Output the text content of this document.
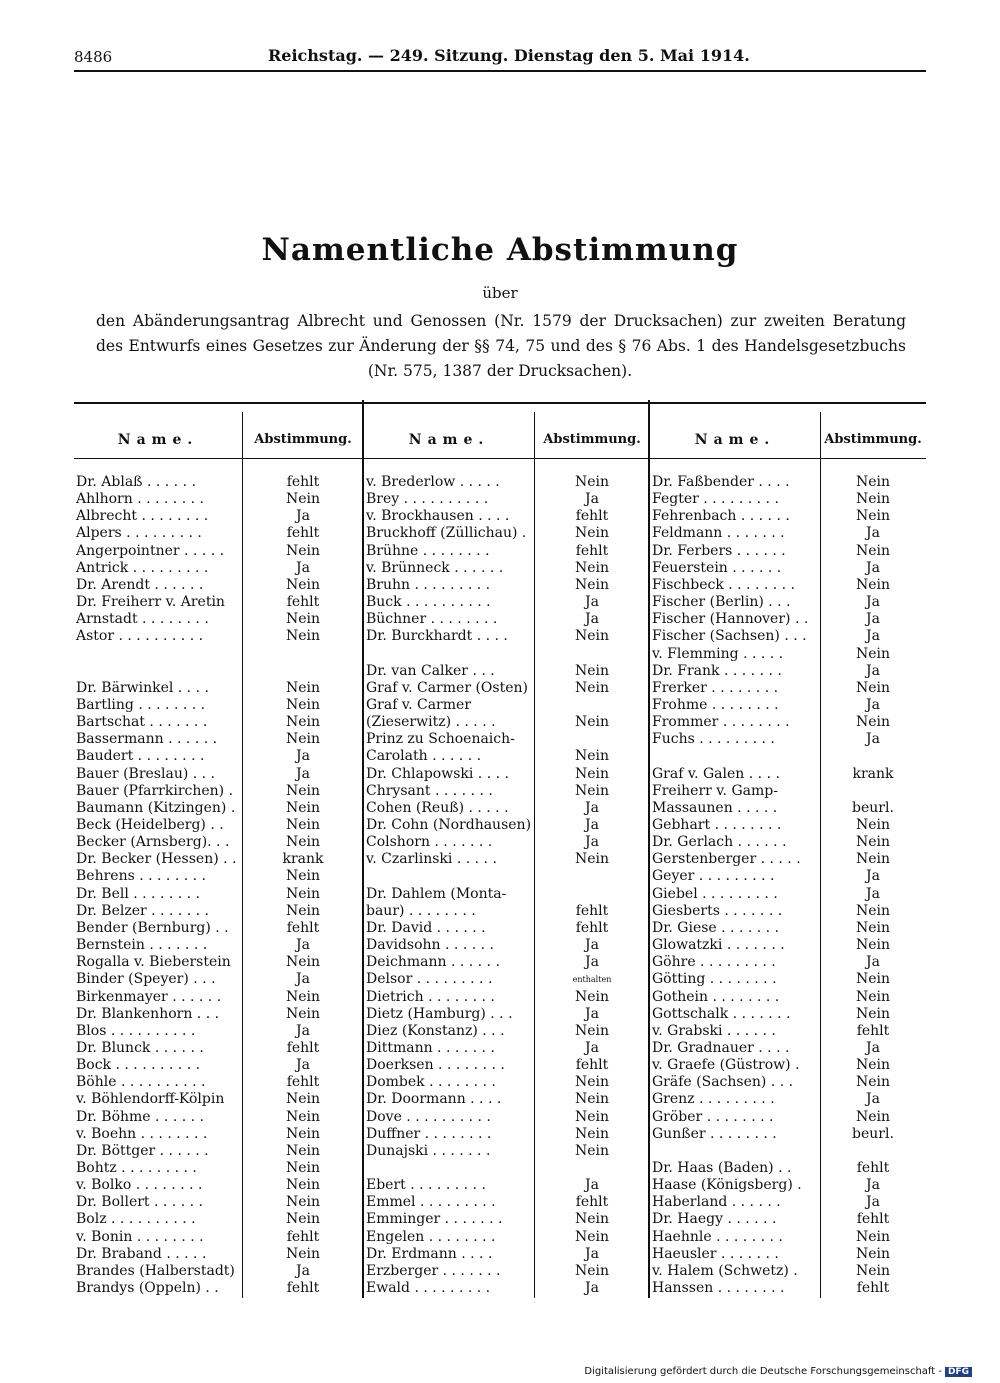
8486	Reichstag. — 249. Sitzung. Dienstag den 5. Mai 1914.
Namentliche Abstimmung
über
den Abänderungsantrag Albrecht und Genossen (Nr. 1579 der Drucksachen) zur zweiten Beratung
des Entwurfs eines Gesetzes zur Änderung der §§ 74, 75 und des § 76 Abs. 1 des Handelsgesetzbuchs
(Nr. 575, 1387 der Drucksachen).
Name.	Abstimmung.
Dr. Ablaß . . . . . .	fehlt
Ahlhorn . . . . . . . .	Nein
Albrecht . . . . . . . .	Ja
Alpers . . . . . . . . .	fehlt
Angerpointner . . . . .	Nein
Antrick . . . . . . . . .	Ja
Dr. Arendt . . . . . .	Nein
Dr. Freiherr v. Aretin	fehlt
Arnstadt . . . . . . . .	Nein
Astor . . . . . . . . . .	Nein
Dr. Bärwinkel . . . .	Nein
Bartling . . . . . . . .	Nein
Bartschat . . . . . . .	Nein
Bassermann . . . . . .	Nein
Baudert . . . . . . . .	Ja
Bauer (Breslau) . . .	Ja
Bauer (Pfarrkirchen) .	Nein
Baumann (Kitzingen) .	Nein
Beck (Heidelberg) . .	Nein
Becker (Arnsberg). . .	Nein
Dr. Becker (Hessen) . .	krank
Behrens . . . . . . . .	Nein
Dr. Bell . . . . . . . .	Nein
Dr. Belzer . . . . . . .	Nein
Bender (Bernburg) . .	fehlt
Bernstein . . . . . . .	Ja
Rogalla v. Bieberstein	Nein
Binder (Speyer) . . .	Ja
Birkenmayer . . . . . .	Nein
Dr. Blankenhorn . . .	Nein
Blos . . . . . . . . . .	Ja
Dr. Blunck . . . . . .	fehlt
Bock . . . . . . . . . .	Ja
Böhle . . . . . . . . . .	fehlt
v. Böhlendorff-Kölpin	Nein
Dr. Böhme . . . . . .	Nein
v. Boehn . . . . . . . .	Nein
Dr. Böttger . . . . . .	Nein
Bohtz . . . . . . . . .	Nein
v. Bolko . . . . . . . .	Nein
Dr. Bollert . . . . . .	Nein
Bolz . . . . . . . . . .	Nein
v. Bonin . . . . . . . .	fehlt
Dr. Braband . . . . .	Nein
Brandes (Halberstadt)	Ja
Brandys (Oppeln) . .	fehlt
Name.	Abstimmung.
v. Brederlow . . . . .	Nein
Brey . . . . . . . . . .	Ja
v. Brockhausen . . . .	fehlt
Bruckhoff (Züllichau) .	Nein
Brühne . . . . . . . .	fehlt
v. Brünneck . . . . . .	Nein
Bruhn . . . . . . . . .	Nein
Buck . . . . . . . . . .	Ja
Büchner . . . . . . . .	Ja
Dr. Burckhardt . . . .	Nein
Dr. van Calker . . .	Nein
Graf v. Carmer (Osten)	Nein
Graf v. Carmer
(Zieserwitz) . . . . .	Nein
Prinz zu Schoenaich-
Carolath . . . . . .	Nein
Dr. Chlapowski . . . .	Nein
Chrysant . . . . . . .	Nein
Cohen (Reuß) . . . . .	Ja
Dr. Cohn (Nordhausen)	Ja
Colshorn . . . . . . .	Ja
v. Czarlinski . . . . .	Nein
Dr. Dahlem (Monta-
baur) . . . . . . . .	fehlt
Dr. David . . . . . .	fehlt
Davidsohn . . . . . .	Ja
Deichmann . . . . . .	Ja
Delsor . . . . . . . . .	enthalten
Dietrich . . . . . . . .	Nein
Dietz (Hamburg) . . .	Ja
Diez (Konstanz) . . .	Nein
Dittmann . . . . . . .	Ja
Doerksen . . . . . . . .	fehlt
Dombek . . . . . . . .	Nein
Dr. Doormann . . . .	Nein
Dove . . . . . . . . . .	Nein
Duffner . . . . . . . .	Nein
Dunajski . . . . . . .	Nein
Ebert . . . . . . . . .	Ja
Emmel . . . . . . . . .	fehlt
Emminger . . . . . . .	Nein
Engelen . . . . . . . .	Nein
Dr. Erdmann . . . .	Ja
Erzberger . . . . . . .	Nein
Ewald . . . . . . . . .	Ja
Name.	Abstimmung.
Dr. Faßbender . . . .	Nein
Fegter . . . . . . . . .	Nein
Fehrenbach . . . . . .	Nein
Feldmann . . . . . . .	Ja
Dr. Ferbers . . . . . .	Nein
Feuerstein . . . . . .	Ja
Fischbeck . . . . . . . .	Nein
Fischer (Berlin) . . .	Ja
Fischer (Hannover) . .	Ja
Fischer (Sachsen) . . .	Ja
v. Flemming . . . . .	Nein
Dr. Frank . . . . . . .	Ja
Frerker . . . . . . . .	Nein
Frohme . . . . . . . .	Ja
Frommer . . . . . . . .	Nein
Fuchs . . . . . . . . .	Ja
Graf v. Galen . . . .	krank
Freiherr v. Gamp-
Massaunen . . . . .	beurl.
Gebhart . . . . . . . .	Nein
Dr. Gerlach . . . . . .	Nein
Gerstenberger . . . . .	Nein
Geyer . . . . . . . . .	Ja
Giebel . . . . . . . . .	Ja
Giesberts . . . . . . .	Nein
Dr. Giese . . . . . . .	Nein
Glowatzki . . . . . . .	Nein
Göhre . . . . . . . . .	Ja
Götting . . . . . . . .	Nein
Gothein . . . . . . . .	Nein
Gottschalk . . . . . . .	Nein
v. Grabski . . . . . .	fehlt
Dr. Gradnauer . . . .	Ja
v. Graefe (Güstrow) .	Nein
Gräfe (Sachsen) . . .	Nein
Grenz . . . . . . . . .	Ja
Gröber . . . . . . . .	Nein
Gunßer . . . . . . . .	beurl.
Dr. Haas (Baden) . .	fehlt
Haase (Königsberg) .	Ja
Haberland . . . . . .	Ja
Dr. Haegy . . . . . .	fehlt
Haehnle . . . . . . . .	Nein
Haeusler . . . . . . .	Nein
v. Halem (Schwetz) .	Nein
Hanssen . . . . . . . .	fehlt
Digitalisierung gefördert durch die Deutsche Forschungsgemeinschaft - DFG
